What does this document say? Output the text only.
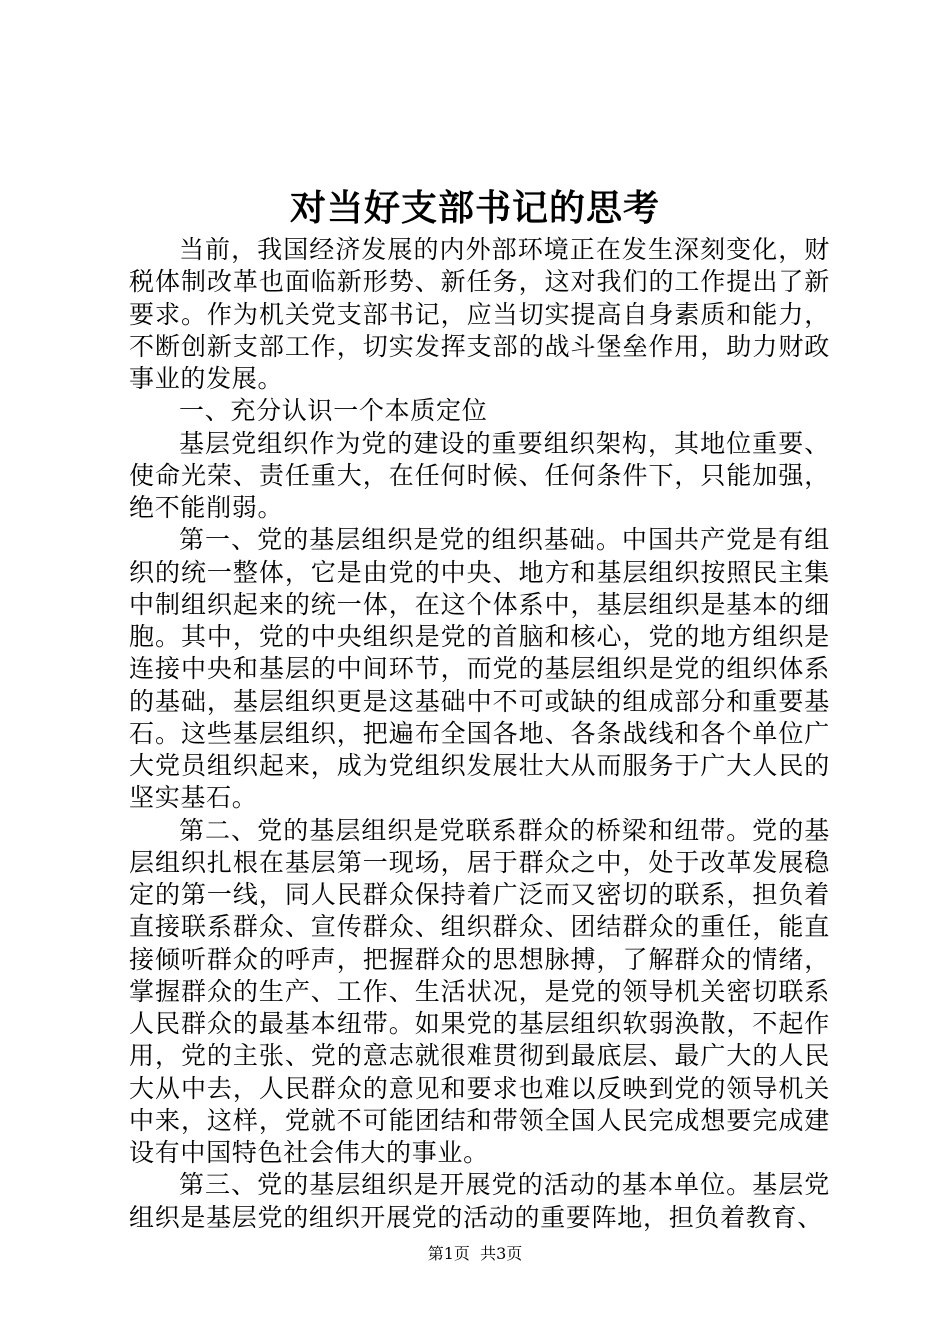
对当好支部书记的思考

当前，我国经济发展的内外部环境正在发生深刻变化，财税体制改革也面临新形势、新任务，这对我们的工作提出了新要求。作为机关党支部书记，应当切实提高自身素质和能力，不断创新支部工作，切实发挥支部的战斗堡垒作用，助力财政事业的发展。

一、充分认识一个本质定位

基层党组织作为党的建设的重要组织架构，其地位重要、使命光荣、责任重大，在任何时候、任何条件下，只能加强，绝不能削弱。

第一、党的基层组织是党的组织基础。中国共产党是有组织的统一整体，它是由党的中央、地方和基层组织按照民主集中制组织起来的统一体，在这个体系中，基层组织是基本的细胞。其中，党的中央组织是党的首脑和核心，党的地方组织是连接中央和基层的中间环节，而党的基层组织是党的组织体系的基础，基层组织更是这基础中不可或缺的组成部分和重要基石。这些基层组织，把遍布全国各地、各条战线和各个单位广大党员组织起来，成为党组织发展壮大从而服务于广大人民的坚实基石。

第二、党的基层组织是党联系群众的桥梁和纽带。党的基层组织扎根在基层第一现场，居于群众之中，处于改革发展稳定的第一线，同人民群众保持着广泛而又密切的联系，担负着直接联系群众、宣传群众、组织群众、团结群众的重任，能直接倾听群众的呼声，把握群众的思想脉搏，了解群众的情绪，掌握群众的生产、工作、生活状况，是党的领导机关密切联系人民群众的最基本纽带。如果党的基层组织软弱涣散，不起作用，党的主张、党的意志就很难贯彻到最底层、最广大的人民大从中去，人民群众的意见和要求也难以反映到党的领导机关中来，这样，党就不可能团结和带领全国人民完成想要完成建设有中国特色社会伟大的事业。

第三、党的基层组织是开展党的活动的基本单位。基层党组织是基层党的组织开展党的活动的重要阵地，担负着教育、

第1页 共3页
